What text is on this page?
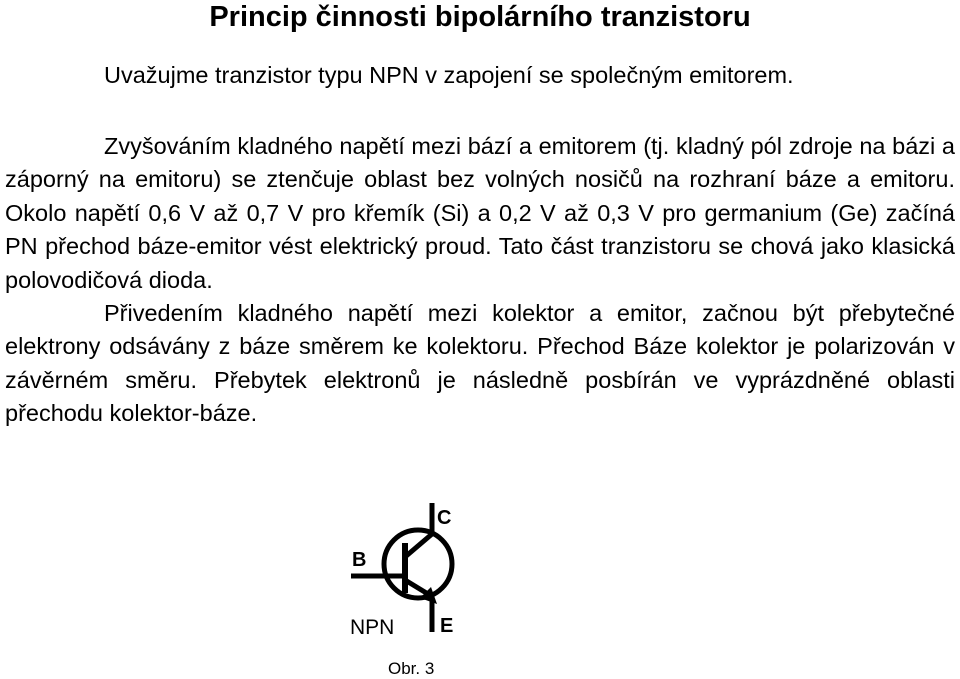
Princip činnosti bipolárního tranzistoru
Uvažujme tranzistor typu NPN v zapojení se společným emitorem.

Zvyšováním kladného napětí mezi bází a emitorem (tj. kladný pól zdroje na bázi a záporný na emitoru) se ztenčuje oblast bez volných nosičů na rozhraní báze a emitoru. Okolo napětí 0,6 V až 0,7 V pro křemík (Si) a 0,2 V až 0,3 V pro germanium (Ge) začíná PN přechod báze-emitor vést elektrický proud. Tato část tranzistoru se chová jako klasická polovodičová dioda.

Přivedením kladného napětí mezi kolektor a emitor, začnou být přebytečné elektrony odsávány z báze směrem ke kolektoru. Přechod Báze kolektor je polarizován v závěrném směru. Přebytek elektronů je následně posbírán ve vyprázdněné oblasti přechodu kolektor-báze.

B
C
E
NPN
Obr. 3
